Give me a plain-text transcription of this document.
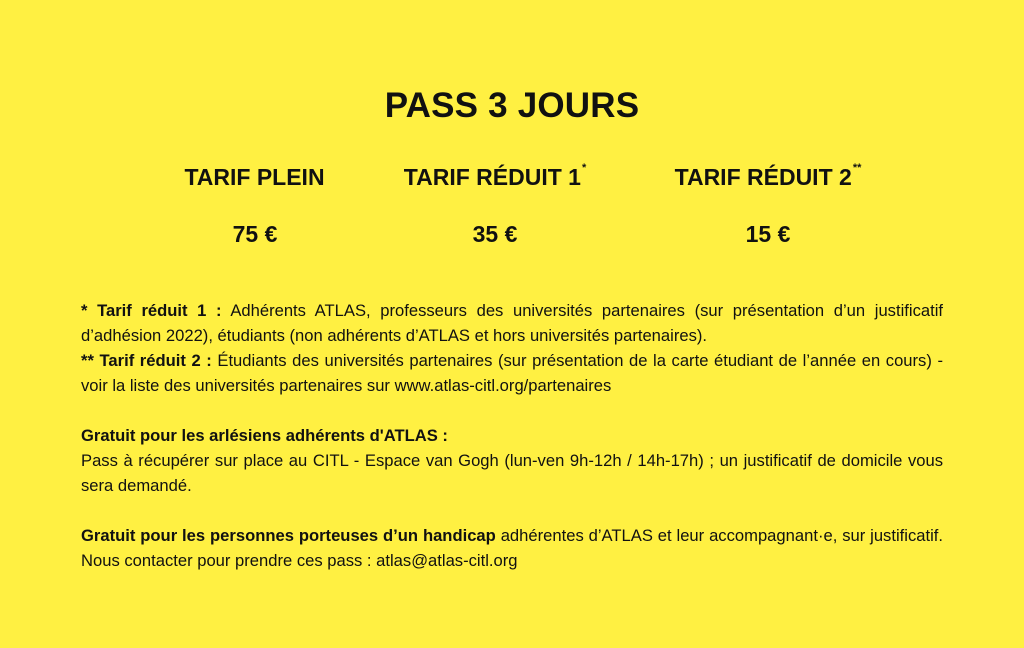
PASS 3 JOURS
TARIF PLEIN
75 €
TARIF RÉDUIT 1*
35 €
TARIF RÉDUIT 2**
15 €

* Tarif réduit 1 : Adhérents ATLAS, professeurs des universités partenaires (sur présentation d’un justificatif d’adhésion 2022), étudiants (non adhérents d’ATLAS et hors universités partenaires).

** Tarif réduit 2 : Étudiants des universités partenaires (sur présentation de la carte étudiant de l’année en cours) - voir la liste des universités partenaires sur www.atlas-citl.org/partenaires

Gratuit pour les arlésiens adhérents d'ATLAS :

Pass à récupérer sur place au CITL - Espace van Gogh (lun-ven 9h-12h / 14h-17h) ; un justificatif de domicile vous sera demandé.

Gratuit pour les personnes porteuses d’un handicap adhérentes d’ATLAS et leur accompagnant·e, sur justificatif. Nous contacter pour prendre ces pass : atlas@atlas-citl.org
